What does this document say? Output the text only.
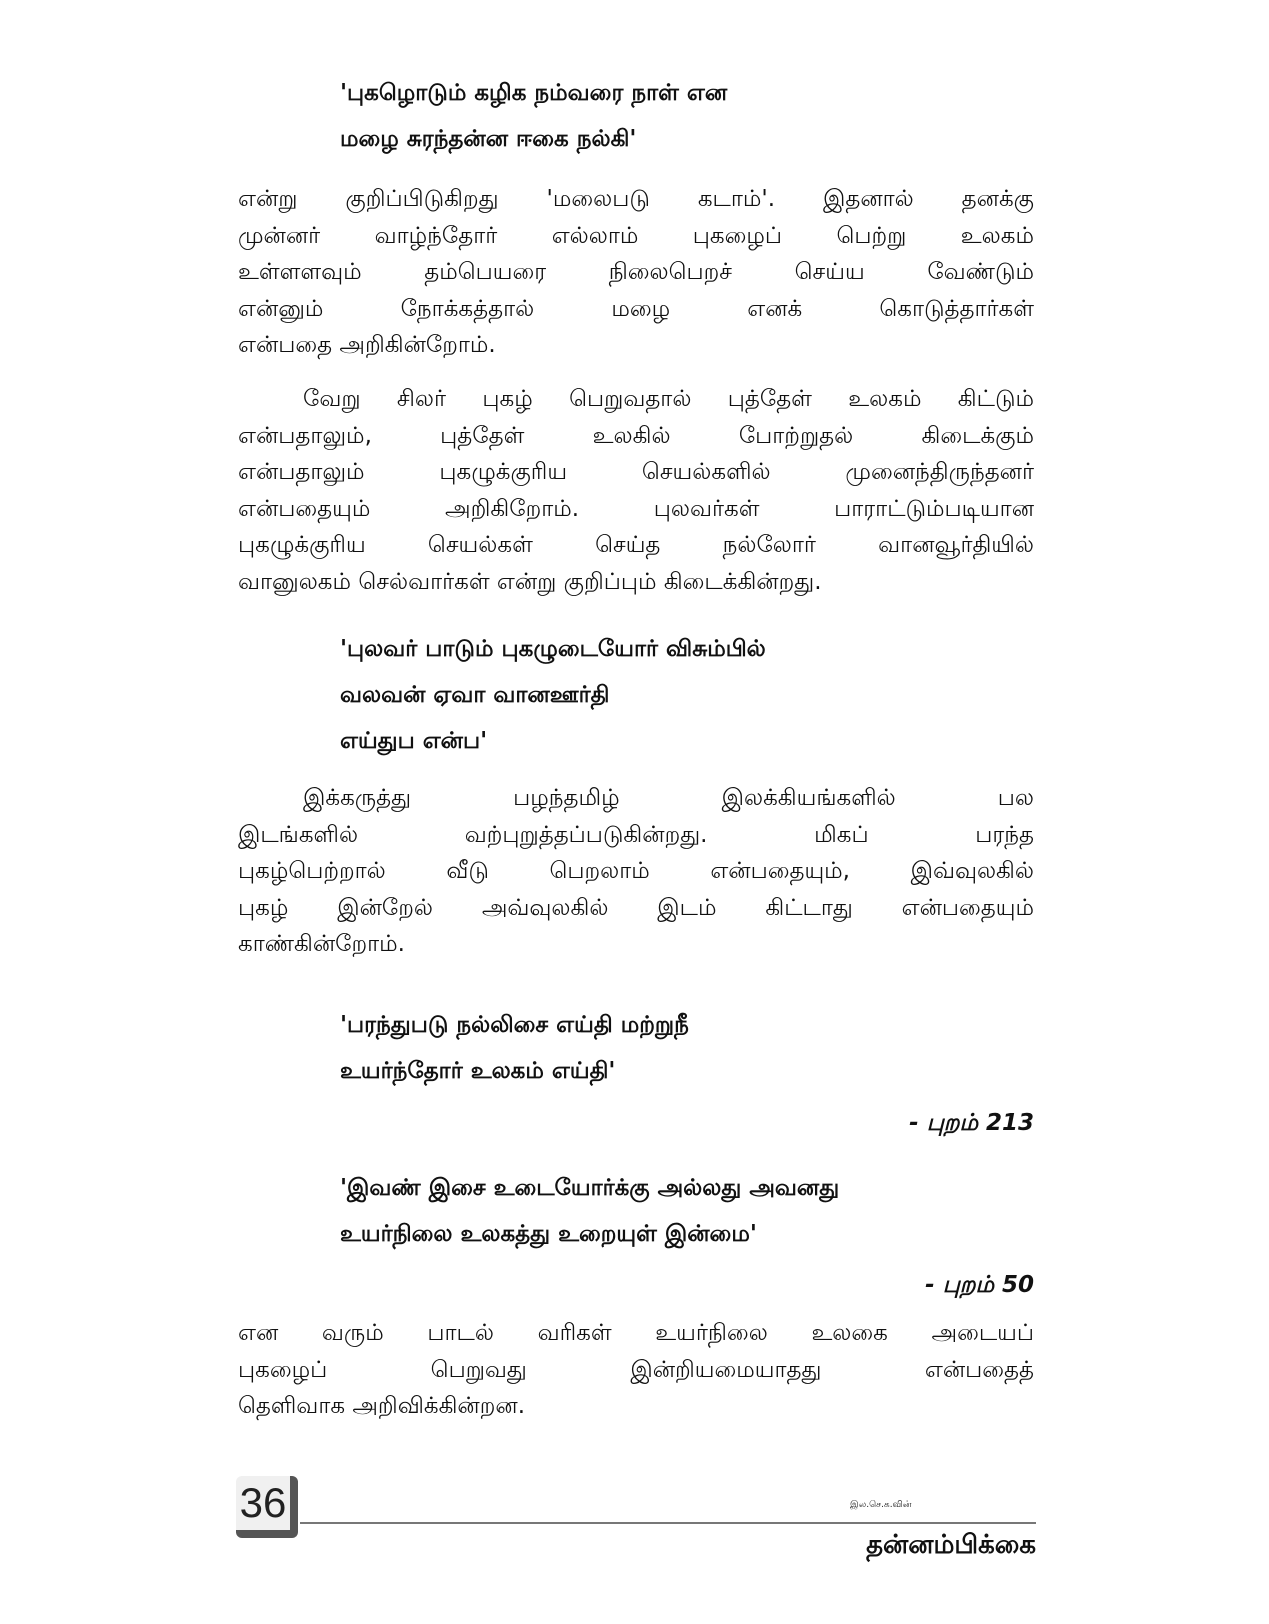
'புகழொடும் கழிக நம்வரை நாள் என
மழை சுரந்தன்ன ஈகை நல்கி'
என்று குறிப்பிடுகிறது 'மலைபடு கடாம்'. இதனால் தனக்கு
முன்னர் வாழ்ந்தோர் எல்லாம் புகழைப் பெற்று உலகம்
உள்ளளவும் தம்பெயரை நிலைபெறச் செய்ய வேண்டும்
என்னும் நோக்கத்தால் மழை எனக் கொடுத்தார்கள்
என்பதை அறிகின்றோம்.
வேறு சிலர் புகழ் பெறுவதால் புத்தேள் உலகம் கிட்டும்
என்பதாலும், புத்தேள் உலகில் போற்றுதல் கிடைக்கும்
என்பதாலும் புகழுக்குரிய செயல்களில் முனைந்திருந்தனர்
என்பதையும் அறிகிறோம். புலவர்கள் பாராட்டும்படியான
புகழுக்குரிய செயல்கள் செய்த நல்லோர் வானவூர்தியில்
வானுலகம் செல்வார்கள் என்று குறிப்பும் கிடைக்கின்றது.
'புலவர் பாடும் புகழுடையோர் விசும்பில்
வலவன் ஏவா வானஊர்தி
எய்துப என்ப'
இக்கருத்து பழந்தமிழ் இலக்கியங்களில் பல
இடங்களில் வற்புறுத்தப்படுகின்றது. மிகப் பரந்த
புகழ்பெற்றால் வீடு பெறலாம் என்பதையும், இவ்வுலகில்
புகழ் இன்றேல் அவ்வுலகில் இடம் கிட்டாது என்பதையும்
காண்கின்றோம்.
'பரந்துபடு நல்லிசை எய்தி மற்றுநீ
உயர்ந்தோர் உலகம் எய்தி'
- புறம் 213
'இவண் இசை உடையோர்க்கு அல்லது அவனது
உயர்நிலை உலகத்து உறையுள் இன்மை'
- புறம் 50
என வரும் பாடல் வரிகள் உயர்நிலை உலகை அடையப்
புகழைப் பெறுவது இன்றியமையாதது என்பதைத்
தெளிவாக அறிவிக்கின்றன.
36	இல.செ.க.வின்
தன்னம்பிக்கை
